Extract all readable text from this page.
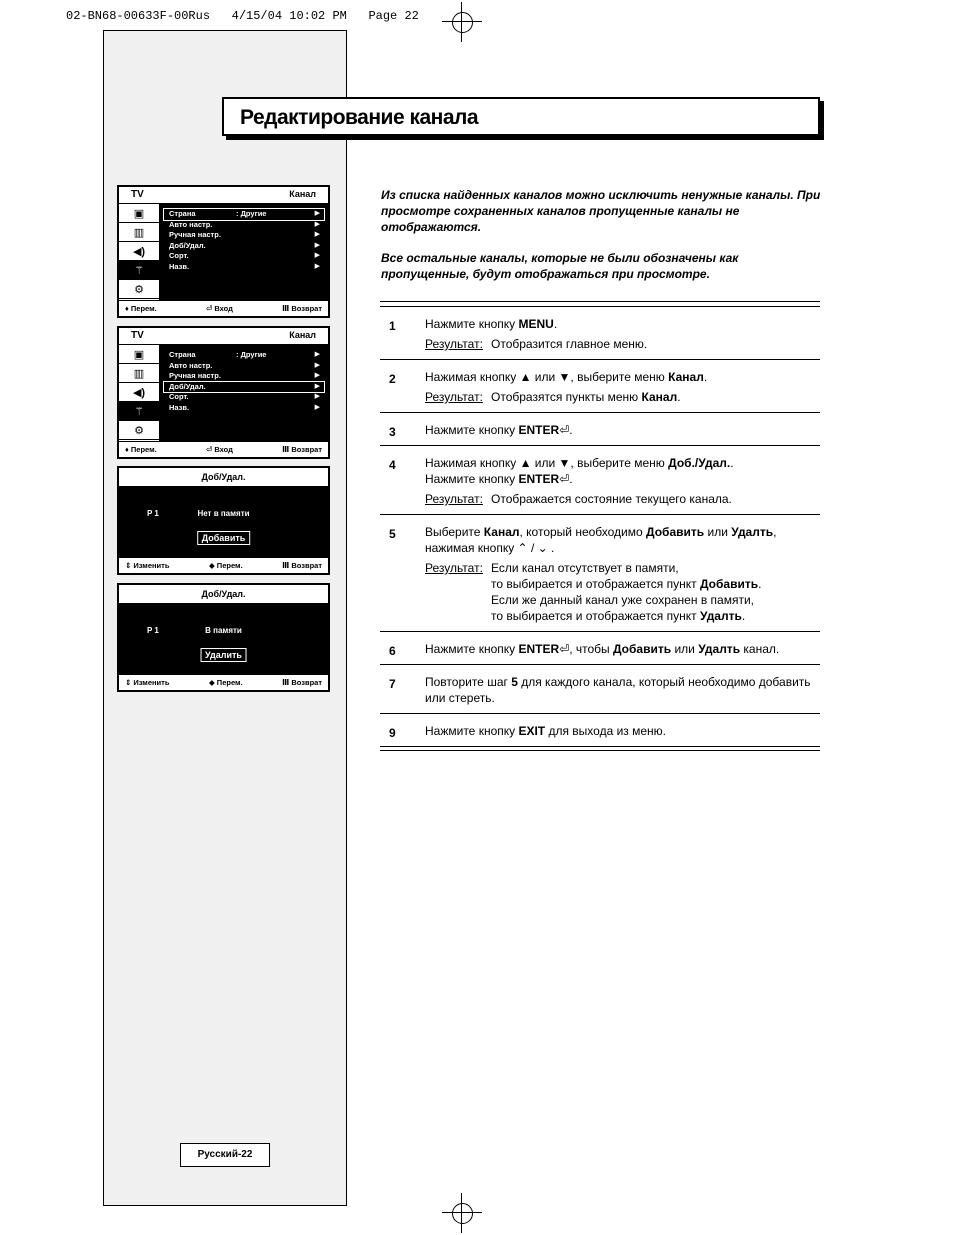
02-BN68-00633F-00Rus   4/15/04 10:02 PM   Page 22
Редактирование канала
TV	Канал
▣
▥
◀)
⚚
⚙
Страна	: Другие	▶
Авто настр.	▶
Ручная настр.	▶
Доб/Удал.	▶
Сорт.	▶
Назв.	▶
♦ Перем.	⏎ Вход	Ⅲ Возврат
TV	Канал
▣
▥
◀)
⚚
⚙
Страна	: Другие	▶
Авто настр.	▶
Ручная настр.	▶
Доб/Удал.	▶
Сорт.	▶
Назв.	▶
♦ Перем.	⏎ Вход	Ⅲ Возврат
Доб/Удал.
P 1	Нет в памяти
Добавить
⇕ Изменить	◆ Перем.	Ⅲ Возврат
Доб/Удал.
P 1	В памяти
Удалить
⇕ Изменить	◆ Перем.	Ⅲ Возврат
Из списка найденных каналов можно исключить ненужные каналы. При просмотре сохраненных каналов пропущенные каналы не отображаются.
Все остальные каналы, которые не были обозначены как пропущенные, будут отображаться при просмотре.
1 Нажмите кнопку MENU.
Результат: Отобразится главное меню.
2 Нажимая кнопку ▲ или ▼, выберите меню Канал.
Результат: Отобразятся пункты меню Канал.
3 Нажмите кнопку ENTER⏎.
4 Нажимая кнопку ▲ или ▼, выберите меню Доб./Удал..
Нажмите кнопку ENTER⏎.
Результат: Отображается состояние текущего канала.
5 Выберите Канал, который необходимо Добавить или Удалть, нажимая кнопку ⌃ / ⌄ .
Результат: Если канал отсутствует в памяти,
то выбирается и отображается пункт Добавить.
Если же данный канал уже сохранен в памяти,
то выбирается и отображается пункт Удалть.
6 Нажмите кнопку ENTER⏎, чтобы Добавить или Удалть канал.
7 Повторите шаг 5 для каждого канала, который необходимо добавить или стереть.
9 Нажмите кнопку EXIT для выхода из меню.
Русский-22
